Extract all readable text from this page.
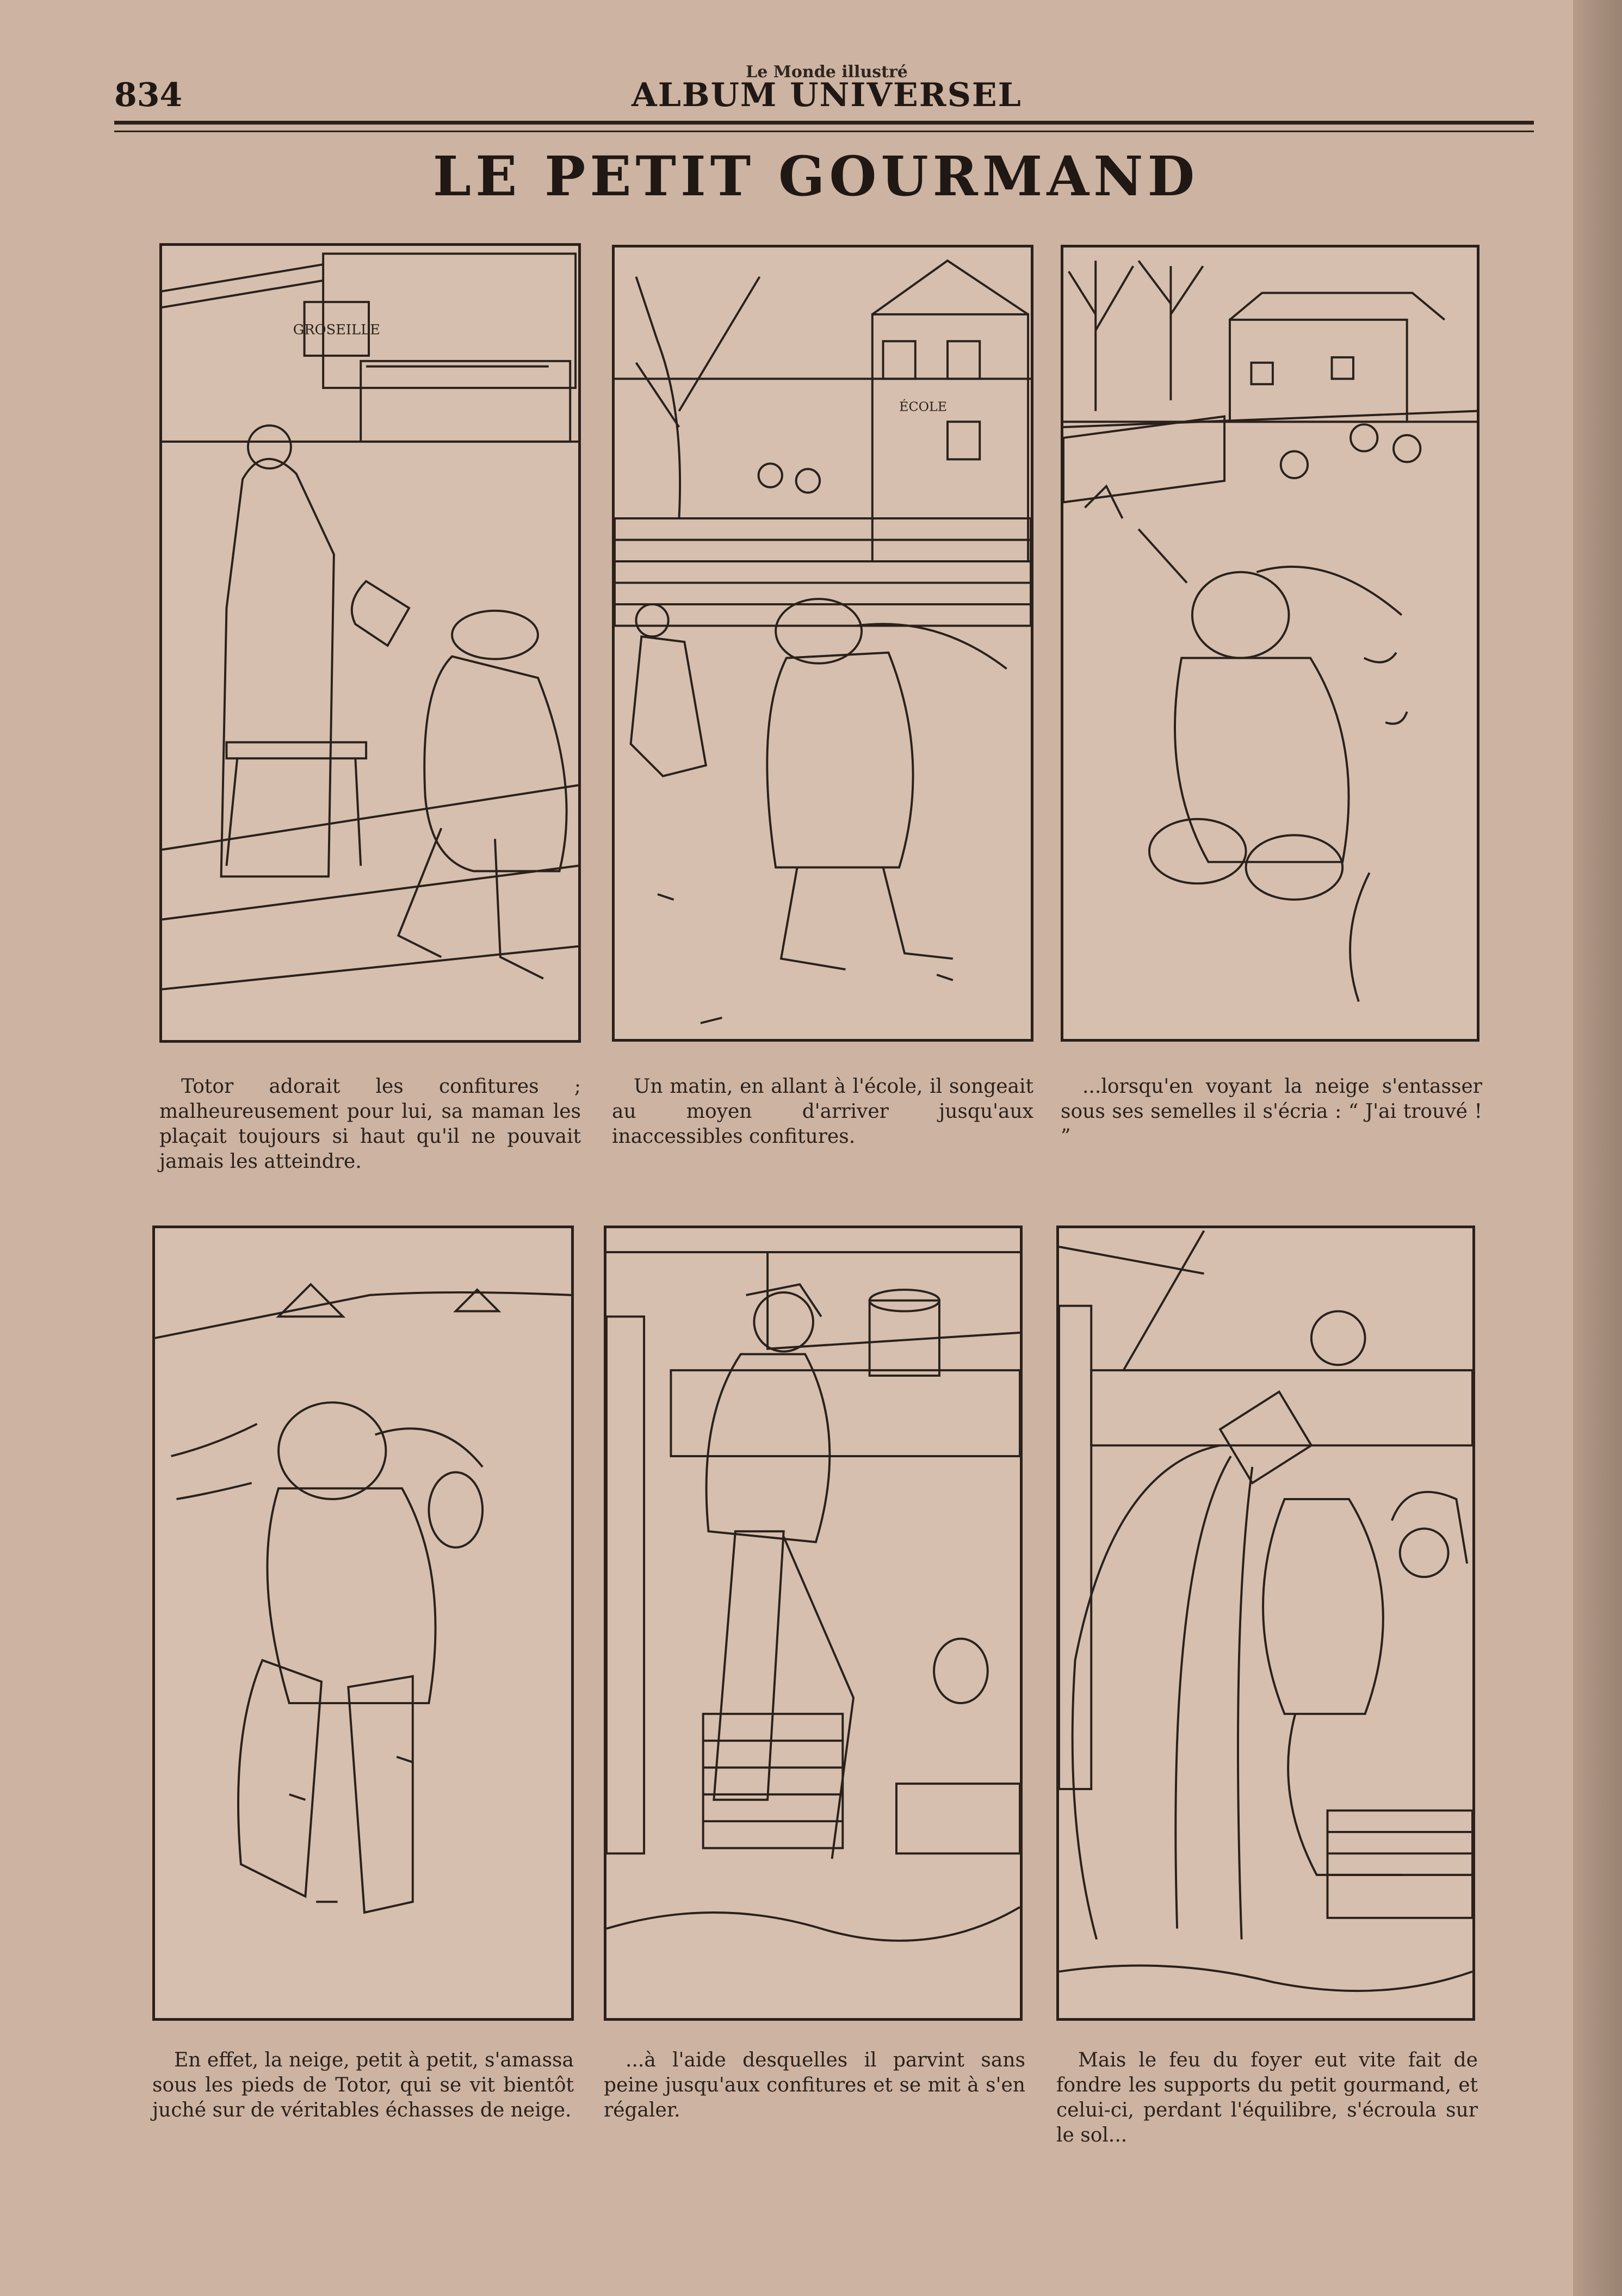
Le Monde illustré
834	ALBUM UNIVERSEL
LE PETIT GOURMAND
GROSEILLE
ÉCOLE
Totor adorait les confitures ; malheureusement pour lui, sa maman les plaçait toujours si haut qu'il ne pouvait jamais les atteindre.
Un matin, en allant à l'école, il songeait au moyen d'arriver jusqu'aux inaccessibles confitures.
...lorsqu'en voyant la neige s'entasser sous ses semelles il s'écria : “ J'ai trouvé ! ”
En effet, la neige, petit à petit, s'amassa sous les pieds de Totor, qui se vit bientôt juché sur de véritables échasses de neige.
...à l'aide desquelles il parvint sans peine jusqu'aux confitures et se mit à s'en régaler.
Mais le feu du foyer eut vite fait de fondre les supports du petit gourmand, et celui-ci, perdant l'équilibre, s'écroula sur le sol...
